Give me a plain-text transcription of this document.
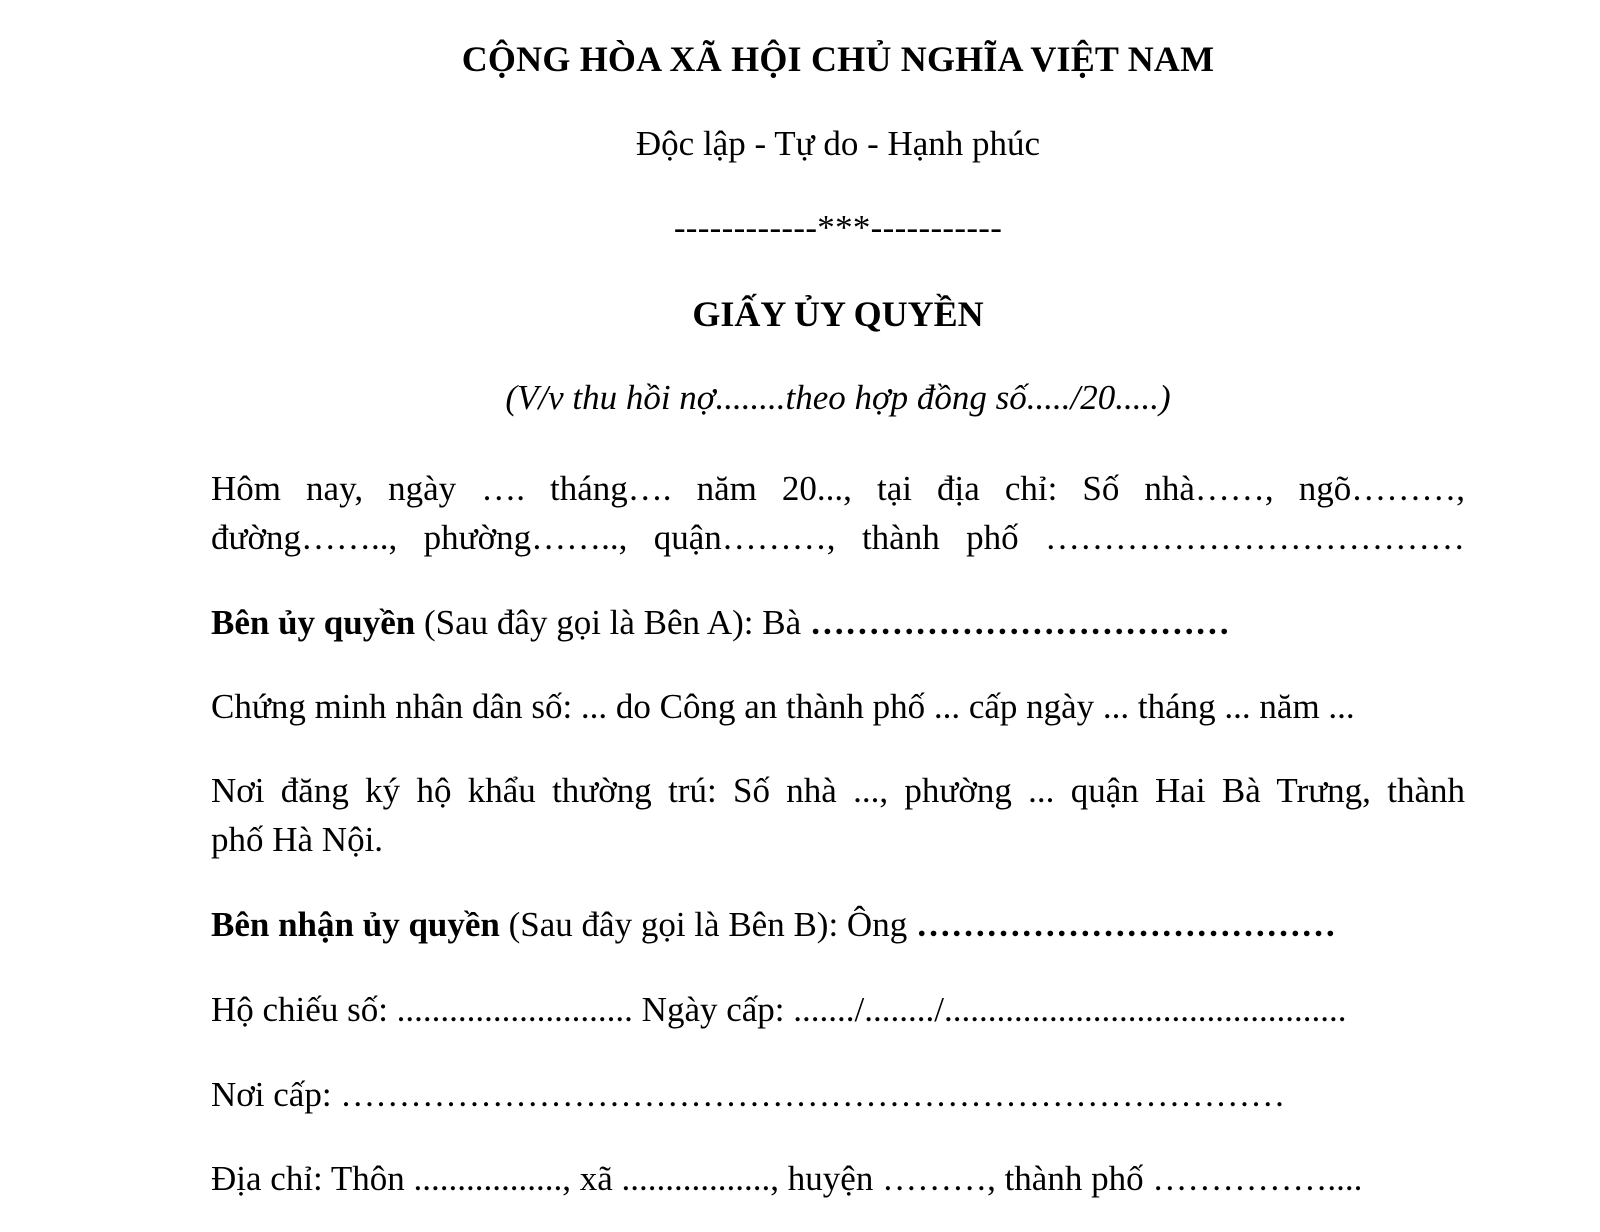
CỘNG HÒA XÃ HỘI CHỦ NGHĨA VIỆT NAM
Độc lập - Tự do - Hạnh phúc
------------***-----------
GIẤY ỦY QUYỀN
(V/v thu hồi nợ........theo hợp đồng số...../20.....)
Hôm nay, ngày …. tháng…. năm 20..., tại địa chỉ: Số nhà……, ngõ………,
đường…….., phường…….., quận………, thành phố ………………………………
Bên ủy quyền (Sau đây gọi là Bên A): Bà ………………………………
Chứng minh nhân dân số: ... do Công an thành phố ... cấp ngày ... tháng ... năm ...
Nơi đăng ký hộ khẩu thường trú: Số nhà ..., phường ... quận Hai Bà Trưng, thành
phố Hà Nội.
Bên nhận ủy quyền (Sau đây gọi là Bên B): Ông ………………………………
Hộ chiếu số: ........................... Ngày cấp: ......./......../..............................................
Nơi cấp: ………………………………………………………………………
Địa chỉ: Thôn ................., xã ................., huyện ………, thành phố ……………....
